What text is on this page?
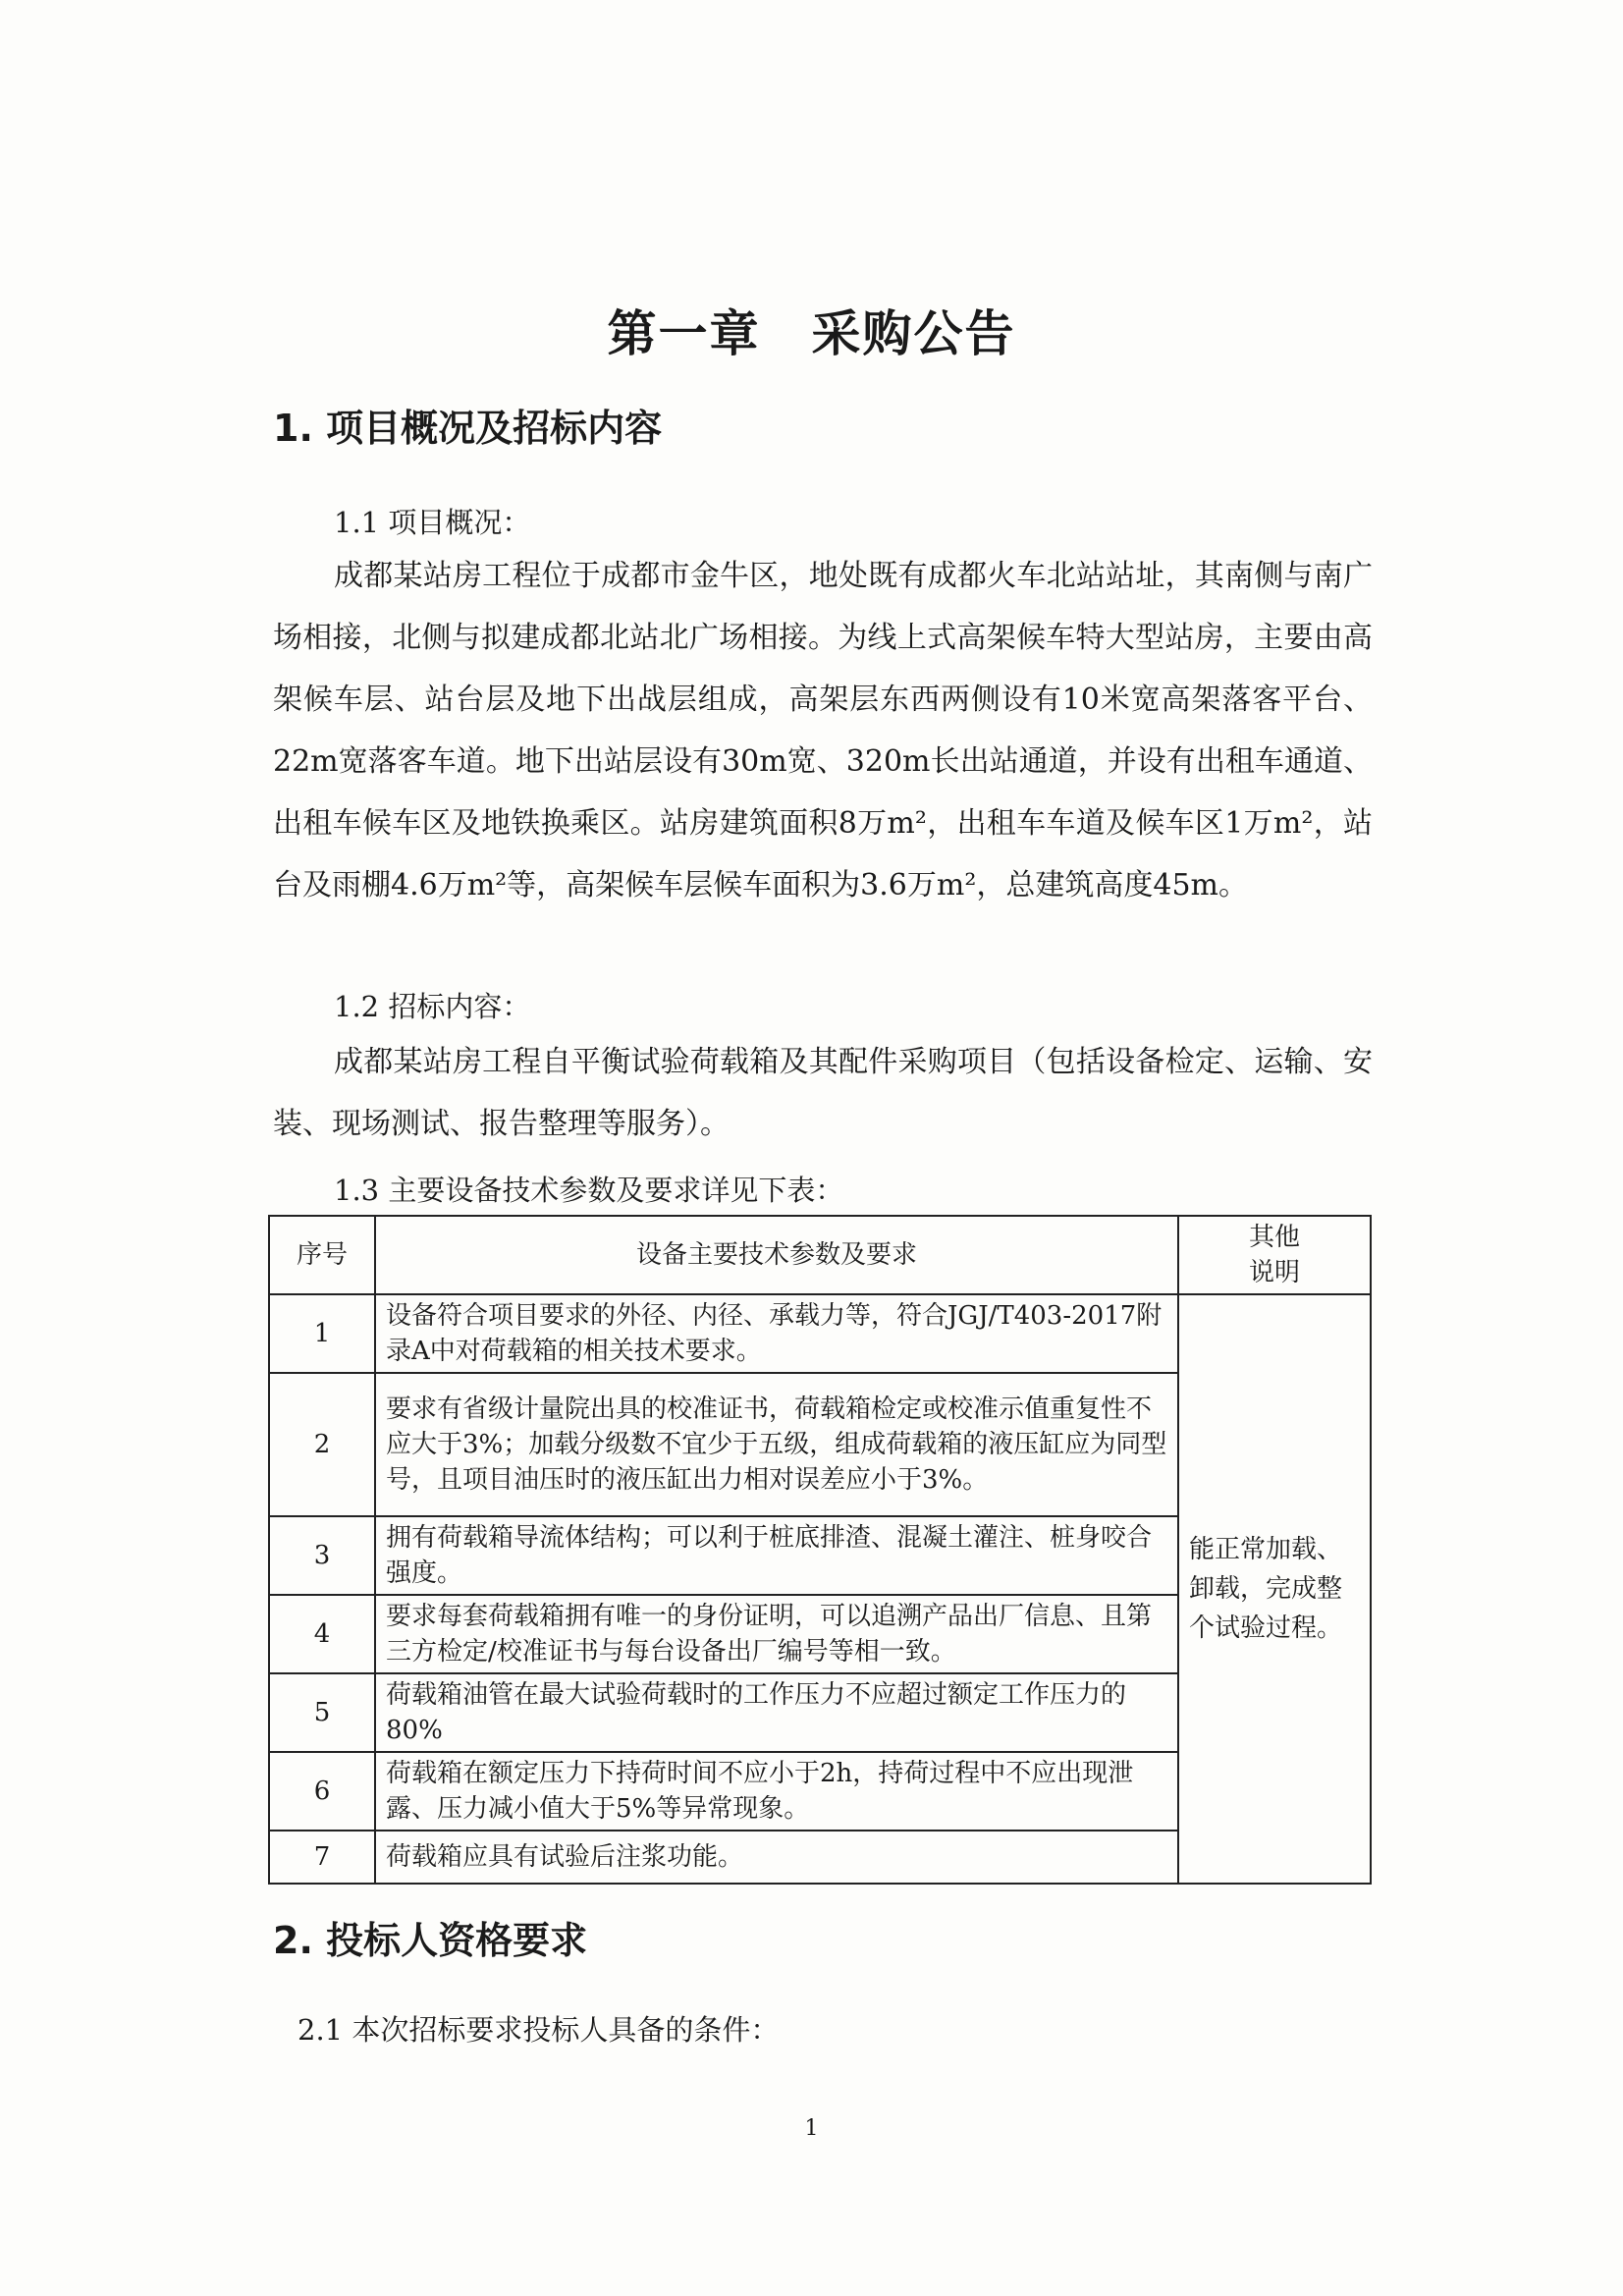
第一章　采购公告
1. 项目概况及招标内容
1.1 项目概况：
成都某站房工程位于成都市金牛区，地处既有成都火车北站站址，其南侧与南广场相接，北侧与拟建成都北站北广场相接。为线上式高架候车特大型站房，主要由高架候车层、站台层及地下出战层组成，高架层东西两侧设有10米宽高架落客平台、22m宽落客车道。地下出站层设有30m宽、320m长出站通道，并设有出租车通道、出租车候车区及地铁换乘区。站房建筑面积8万m²，出租车车道及候车区1万m²，站台及雨棚4.6万m²等，高架候车层候车面积为3.6万m²，总建筑高度45m。
1.2 招标内容：
成都某站房工程自平衡试验荷载箱及其配件采购项目（包括设备检定、运输、安装、现场测试、报告整理等服务）。
1.3 主要设备技术参数及要求详见下表：
序号	设备主要技术参数及要求	其他
说明
1	设备符合项目要求的外径、内径、承载力等，符合JGJ/T403-2017附录A中对荷载箱的相关技术要求。	能正常加载、卸载，完成整个试验过程。
2	要求有省级计量院出具的校准证书，荷载箱检定或校准示值重复性不应大于3%；加载分级数不宜少于五级，组成荷载箱的液压缸应为同型号，且项目油压时的液压缸出力相对误差应小于3%。	
3	拥有荷载箱导流体结构；可以利于桩底排渣、混凝土灌注、桩身咬合强度。	
4	要求每套荷载箱拥有唯一的身份证明，可以追溯产品出厂信息、且第三方检定/校准证书与每台设备出厂编号等相一致。	
5	荷载箱油管在最大试验荷载时的工作压力不应超过额定工作压力的80%	
6	荷载箱在额定压力下持荷时间不应小于2h，持荷过程中不应出现泄露、压力减小值大于5%等异常现象。	
7	荷载箱应具有试验后注浆功能。	
2. 投标人资格要求
2.1 本次招标要求投标人具备的条件：
1
